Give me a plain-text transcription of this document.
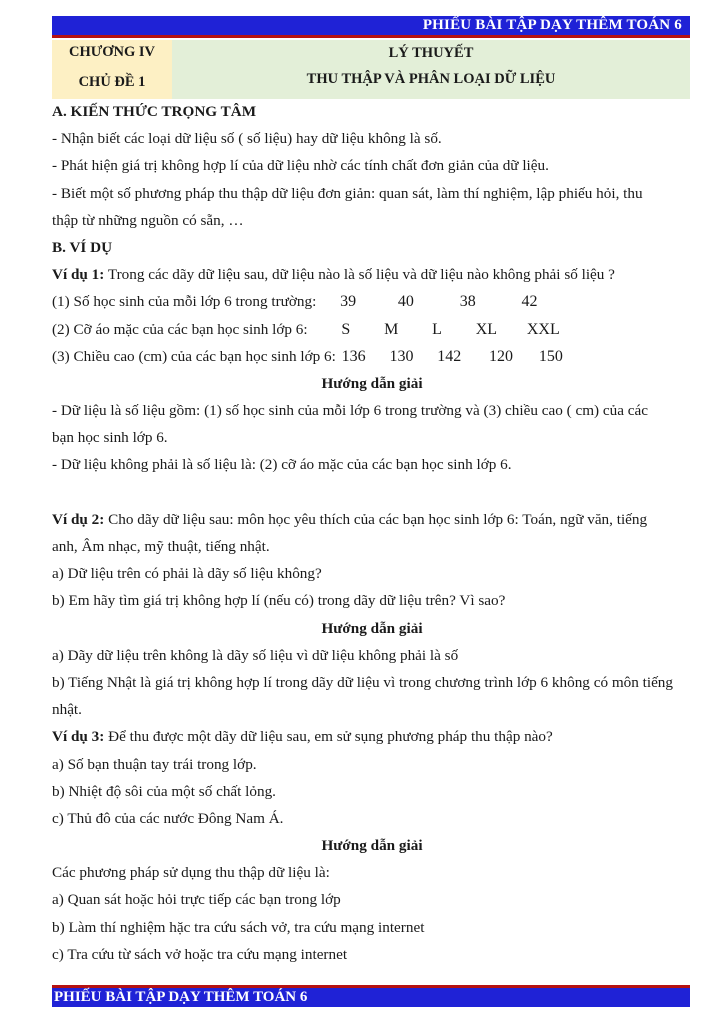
PHIẾU BÀI TẬP DẠY THÊM TOÁN 6
CHƯƠNG IV
CHỦ ĐỀ 1
LÝ THUYẾT
THU THẬP VÀ PHÂN LOẠI DỮ LIỆU
A. KIẾN THỨC TRỌNG TÂM
- Nhận biết các loại dữ liệu số ( số liệu) hay dữ liệu không là số.
- Phát hiện giá trị không hợp lí của dữ liệu nhờ các tính chất đơn giản của dữ liệu.
- Biết một số phương pháp thu thập dữ liệu đơn giản: quan sát, làm thí nghiệm, lập phiếu hỏi, thu
thập từ những nguồn có sẵn, …
B. VÍ DỤ
Ví dụ 1: Trong các dãy dữ liệu sau, dữ liệu nào là số liệu và dữ liệu nào không phải số liệu ?
(1) Số học sinh của mỗi lớp 6 trong trường: 39	40	38	42
(2) Cỡ áo mặc của các bạn học sinh lớp 6: S M L XL XXL
(3) Chiều cao (cm) của các bạn học sinh lớp 6: 136 130 142 120 150
Hướng dẫn giải
- Dữ liệu là số liệu gồm: (1) số học sinh của mỗi lớp 6 trong trường và (3) chiều cao ( cm) của các
bạn học sinh lớp 6.
- Dữ liệu không phải là số liệu là: (2) cỡ áo mặc của các bạn học sinh lớp 6.
Ví dụ 2: Cho dãy dữ liệu sau: môn học yêu thích của các bạn học sinh lớp 6: Toán, ngữ văn, tiếng
anh, Âm nhạc, mỹ thuật, tiếng nhật.
a) Dữ liệu trên có phải là dãy số liệu không?
b) Em hãy tìm giá trị không hợp lí (nếu có) trong dãy dữ liệu trên? Vì sao?
Hướng dẫn giải
a) Dãy dữ liệu trên không là dãy số liệu vì dữ liệu không phải là số
b) Tiếng Nhật là giá trị không hợp lí trong dãy dữ liệu vì trong chương trình lớp 6 không có môn tiếng
nhật.
Ví dụ 3: Để thu được một dãy dữ liệu sau, em sử sụng phương pháp thu thập nào?
a) Số bạn thuận tay trái trong lớp.
b) Nhiệt độ sôi của một số chất lỏng.
c) Thủ đô của các nước Đông Nam Á.
Hướng dẫn giải
Các phương pháp sử dụng thu thập dữ liệu là:
a) Quan sát hoặc hỏi trực tiếp các bạn trong lớp
b) Làm thí nghiệm hặc tra cứu sách vở, tra cứu mạng internet
c) Tra cứu từ sách vở hoặc tra cứu mạng internet
PHIẾU BÀI TẬP DẠY THÊM TOÁN 6
